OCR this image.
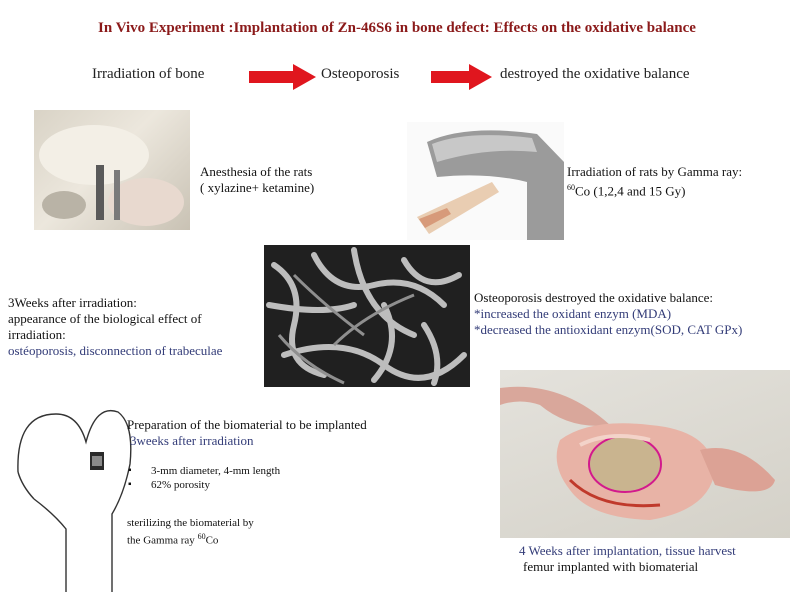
In Vivo Experiment :Implantation of Zn-46S6 in bone defect: Effects on the oxidative balance
Irradiation of bone	Osteoporosis	destroyed the oxidative balance
Anesthesia of the rats
( xylazine+ ketamine)
Irradiation of rats by Gamma ray:
$^{60}$Co (1,2,4 and 15 Gy)
3Weeks after irradiation:
appearance of the biological effect of
irradiation:
ostéoporosis, disconnection of trabeculae
Osteoporosis destroyed the oxidative balance:
*increased the oxidant enzym (MDA)
*decreased the antioxidant enzym(SOD, CAT GPx)
Preparation of the biomaterial to be implanted
3weeks after irradiation
▪ 3-mm diameter, 4-mm length
▪ 62% porosity
sterilizing the biomaterial by
the Gamma ray $^{60}$Co
4 Weeks after implantation, tissue harvest
femur implanted with biomaterial
